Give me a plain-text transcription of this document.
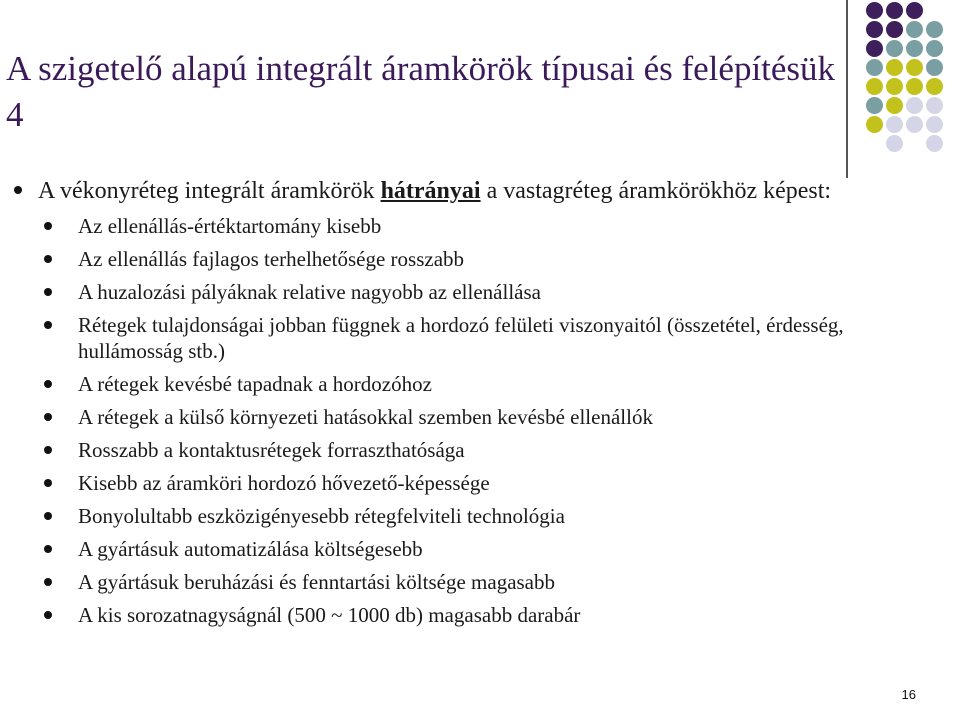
A szigetelő alapú integrált áramkörök típusai és felépítésük 4
A vékonyréteg integrált áramkörök hátrányai a vastagréteg áramkörökhöz képest:
Az ellenállás-értéktartomány kisebb
Az ellenállás fajlagos terhelhetősége rosszabb
A huzalozási pályáknak relative nagyobb az ellenállása
Rétegek tulajdonságai jobban függnek a hordozó felületi viszonyaitól (összetétel, érdesség, hullámosság stb.)
A rétegek kevésbé tapadnak a hordozóhoz
A rétegek a külső környezeti hatásokkal szemben kevésbé ellenállók
Rosszabb a kontaktusrétegek forraszthatósága
Kisebb az áramköri hordozó hővezető-képessége
Bonyolultabb eszközigényesebb rétegfelviteli technológia
A gyártásuk automatizálása költségesebb
A gyártásuk beruházási és fenntartási költsége magasabb
A kis sorozatnagyságnál (500 ~ 1000 db) magasabb darabár
16
